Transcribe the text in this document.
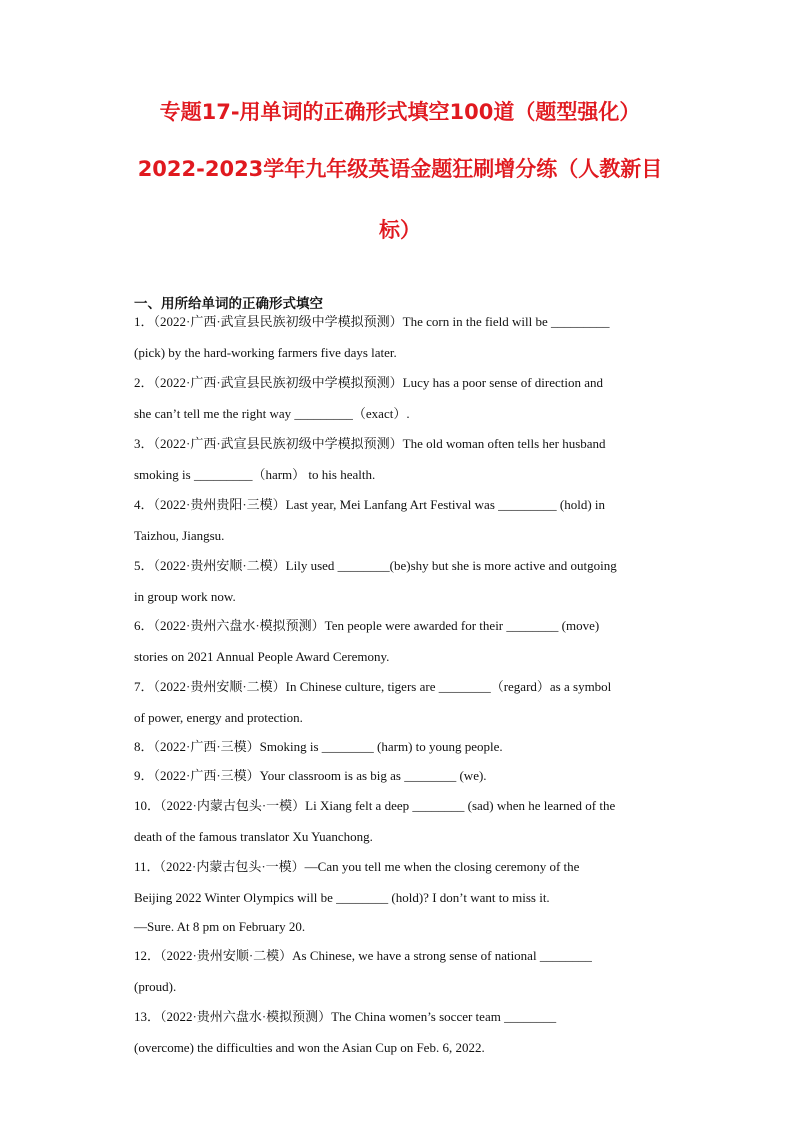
专题17-用单词的正确形式填空100道（题型强化）
2022-2023学年九年级英语金题狂刷增分练（人教新目
标）
一、用所给单词的正确形式填空
1．（2022·广西·武宣县民族初级中学模拟预测）The corn in the field will be _________
(pick) by the hard-working farmers five days later.
2．（2022·广西·武宣县民族初级中学模拟预测）Lucy has a poor sense of direction and
she can’t tell me the right way _________（exact）.
3．（2022·广西·武宣县民族初级中学模拟预测）The old woman often tells her husband
smoking is _________（harm） to his health.
4．（2022·贵州贵阳·三模）Last year, Mei Lanfang Art Festival was _________ (hold) in
Taizhou, Jiangsu.
5．（2022·贵州安顺·二模）Lily used ________(be)shy but she is more active and outgoing
in group work now.
6．（2022·贵州六盘水·模拟预测）Ten people were awarded for their ________ (move)
stories on 2021 Annual People Award Ceremony.
7．（2022·贵州安顺·二模）In Chinese culture, tigers are ________（regard）as a symbol
of power, energy and protection.
8．（2022·广西·三模）Smoking is ________ (harm) to young people.
9．（2022·广西·三模）Your classroom is as big as ________ (we).
10．（2022·内蒙古包头·一模）Li Xiang felt a deep ________ (sad) when he learned of the
death of the famous translator Xu Yuanchong.
11．（2022·内蒙古包头·一模）—Can you tell me when the closing ceremony of the
Beijing 2022 Winter Olympics will be ________ (hold)? I don’t want to miss it.
—Sure. At 8 pm on February 20.
12．（2022·贵州安顺·二模）As Chinese, we have a strong sense of national ________
(proud).
13．（2022·贵州六盘水·模拟预测）The China women’s soccer team ________
(overcome) the difficulties and won the Asian Cup on Feb. 6, 2022.
